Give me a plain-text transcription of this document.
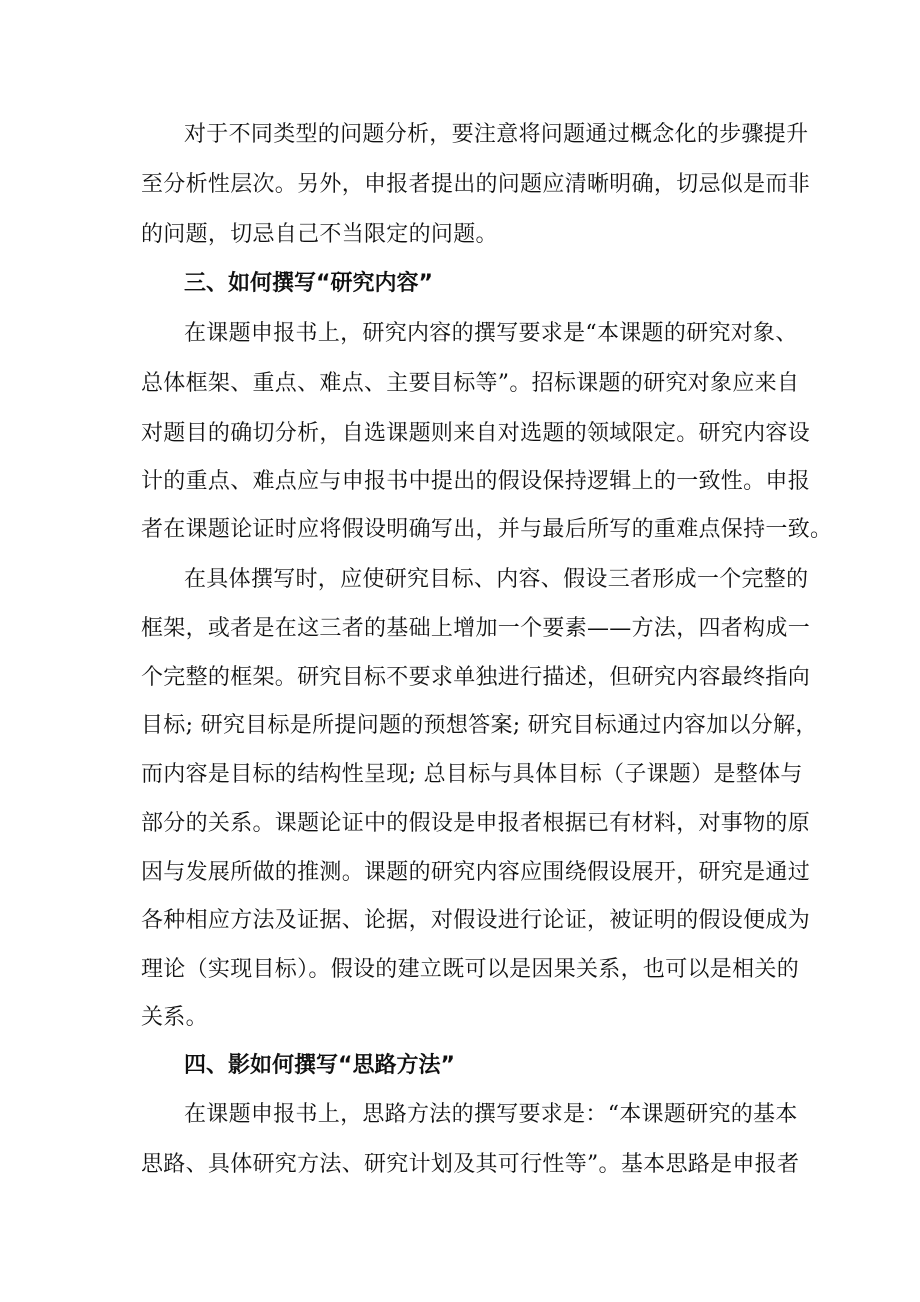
对于不同类型的问题分析，要注意将问题通过概念化的步骤提升
至分析性层次。另外，申报者提出的问题应清晰明确，切忌似是而非
的问题，切忌自己不当限定的问题。
三、如何撰写“研究内容”
在课题申报书上，研究内容的撰写要求是“本课题的研究对象、
总体框架、重点、难点、主要目标等”。招标课题的研究对象应来自
对题目的确切分析，自选课题则来自对选题的领域限定。研究内容设
计的重点、难点应与申报书中提出的假设保持逻辑上的一致性。申报
者在课题论证时应将假设明确写出，并与最后所写的重难点保持一致。
在具体撰写时，应使研究目标、内容、假设三者形成一个完整的
框架，或者是在这三者的基础上增加一个要素——方法，四者构成一
个完整的框架。研究目标不要求单独进行描述，但研究内容最终指向
目标; 研究目标是所提问题的预想答案; 研究目标通过内容加以分解，
而内容是目标的结构性呈现; 总目标与具体目标（子课题）是整体与
部分的关系。课题论证中的假设是申报者根据已有材料，对事物的原
因与发展所做的推测。课题的研究内容应围绕假设展开，研究是通过
各种相应方法及证据、论据，对假设进行论证，被证明的假设便成为
理论（实现目标）。假设的建立既可以是因果关系，也可以是相关的
关系。
四、影如何撰写“思路方法”
在课题申报书上，思路方法的撰写要求是：“本课题研究的基本
思路、具体研究方法、研究计划及其可行性等”。基本思路是申报者
